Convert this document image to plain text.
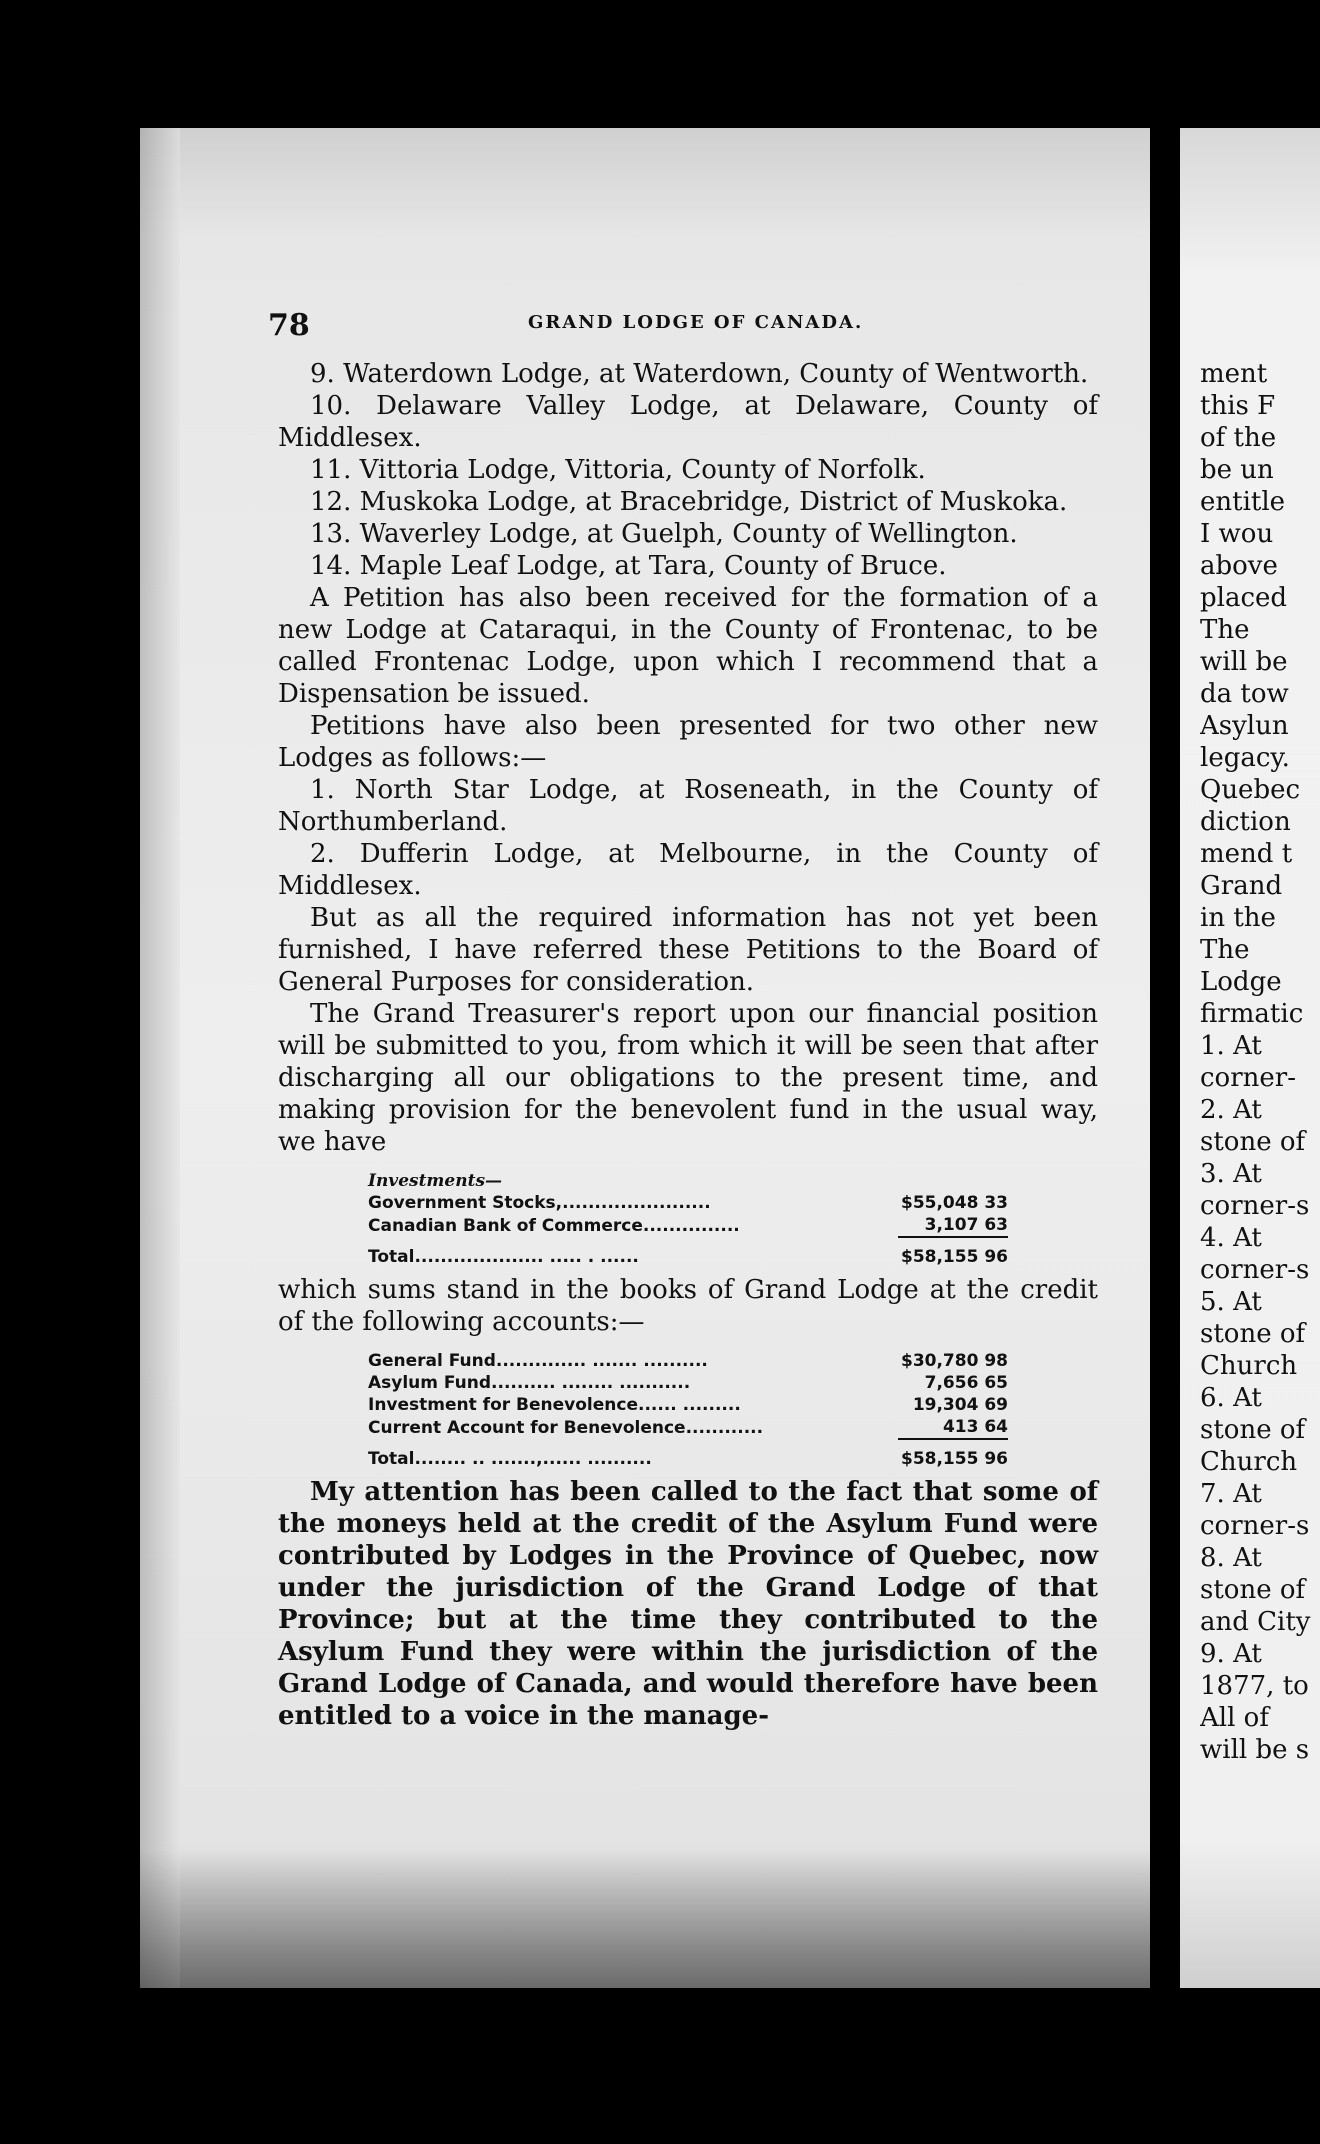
78	GRAND LODGE OF CANADA.

9. Waterdown Lodge, at Waterdown, County of Wentworth.

10. Delaware Valley Lodge, at Delaware, County of Middlesex.

11. Vittoria Lodge, Vittoria, County of Norfolk.

12. Muskoka Lodge, at Bracebridge, District of Muskoka.

13. Waverley Lodge, at Guelph, County of Wellington.

14. Maple Leaf Lodge, at Tara, County of Bruce.

A Petition has also been received for the formation of a new Lodge at Cataraqui, in the County of Frontenac, to be called Frontenac Lodge, upon which I recommend that a Dispensation be issued.

Petitions have also been presented for two other new Lodges as follows:—

1. North Star Lodge, at Roseneath, in the County of Northumberland.

2. Dufferin Lodge, at Melbourne, in the County of Middlesex.

But as all the required information has not yet been furnished, I have referred these Petitions to the Board of General Purposes for consideration.

The Grand Treasurer's report upon our financial position will be submitted to you, from which it will be seen that after discharging all our obligations to the present time, and making provision for the benevolent fund in the usual way, we have

Investments—	
Government Stocks,.......................	$55,048 33
Canadian Bank of Commerce...............	3,107 63
Total.................... ..... . ......	$58,155 96

which sums stand in the books of Grand Lodge at the credit of the following accounts:—

General Fund.............. ....... ..........	$30,780 98
Asylum Fund.......... ........ ...........	7,656 65
Investment for Benevolence...... .........	19,304 69
Current Account for Benevolence............	413 64
Total........ .. .......,...... ..........	$58,155 96

My attention has been called to the fact that some of the moneys held at the credit of the Asylum Fund were contributed by Lodges in the Province of Quebec, now under the jurisdiction of the Grand Lodge of that Province; but at the time they contributed to the Asylum Fund they were within the jurisdiction of the Grand Lodge of Canada, and would therefore have been entitled to a voice in the manage-

ment
this F
of the
be un
entitle
I wou
above
placed
The
will be
da tow
Asylun
legacy.
Quebec
diction
mend t
Grand
in the
The
Lodge
firmatic
1. At
corner-
2. At
stone of
3. At
corner-s
4. At
corner-s
5. At
stone of
Church
6. At
stone of
Church
7. At
corner-s
8. At
stone of
and City
9. At
1877, to
All of
will be s
